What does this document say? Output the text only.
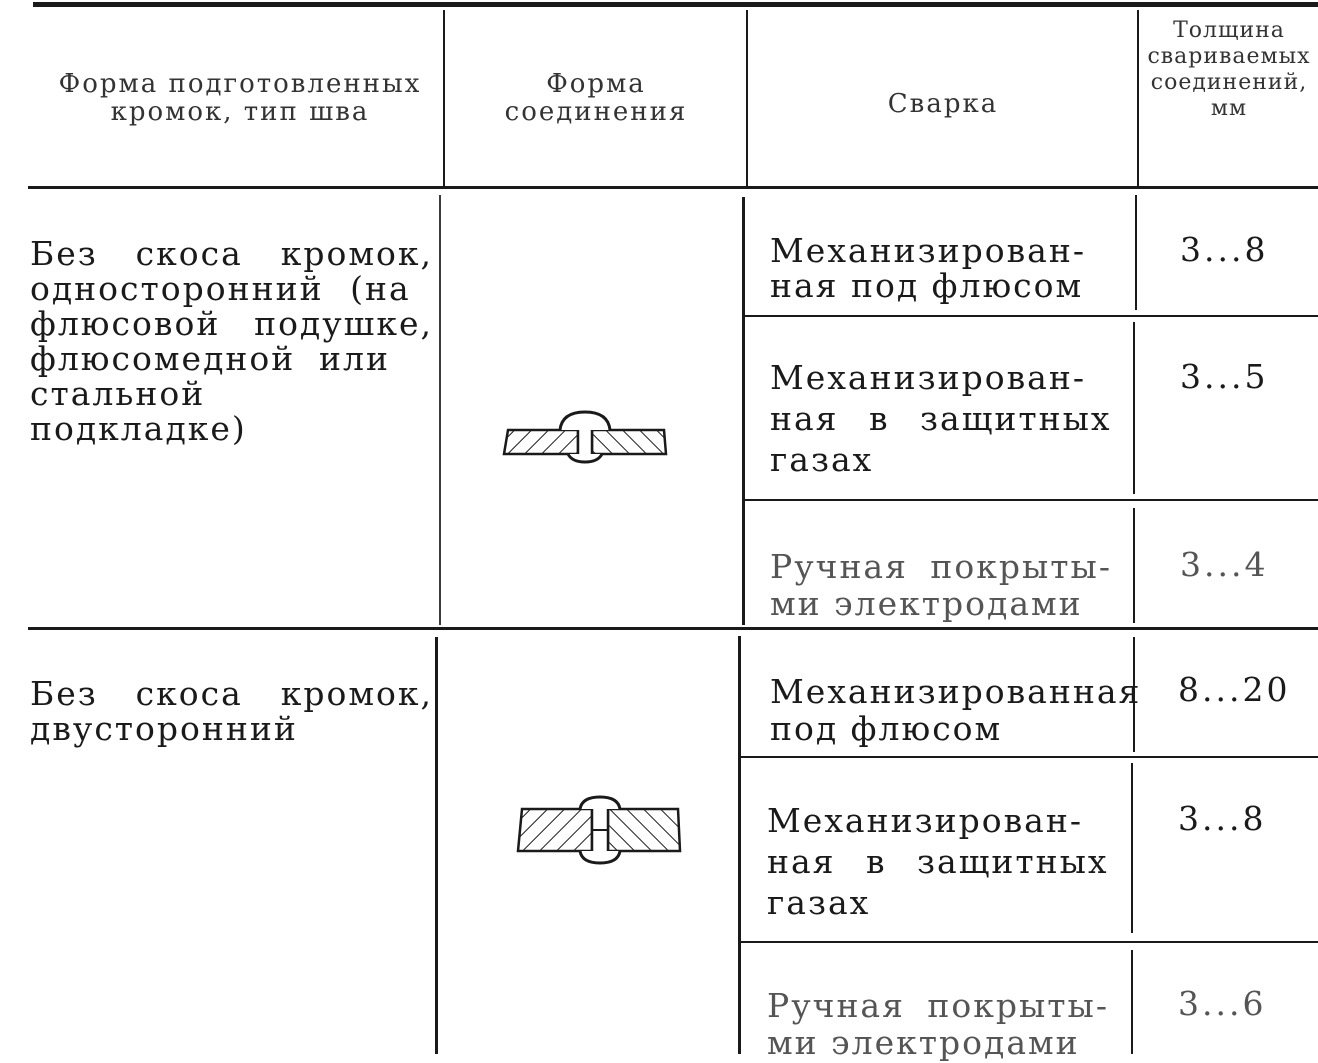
Форма подготовленных
кромок, тип шва
Форма
соединения	Сварка
Толщина
свариваемых
соединений, мм
Без скоса кромок,
односторонний (на
флюсовой подушке,
флюсомедной или
стальной подкладке)
Механизирован-
ная под флюсом
3...8
Механизирован-
ная в защитных
газах
3...5
Ручная покрыты-
ми электродами
3...4
Без скоса кромок,
двусторонний
Механизированная
под флюсом
8...20
Механизирован-
ная в защитных
газах
3...8
Ручная покрыты-
ми электродами
3...6
